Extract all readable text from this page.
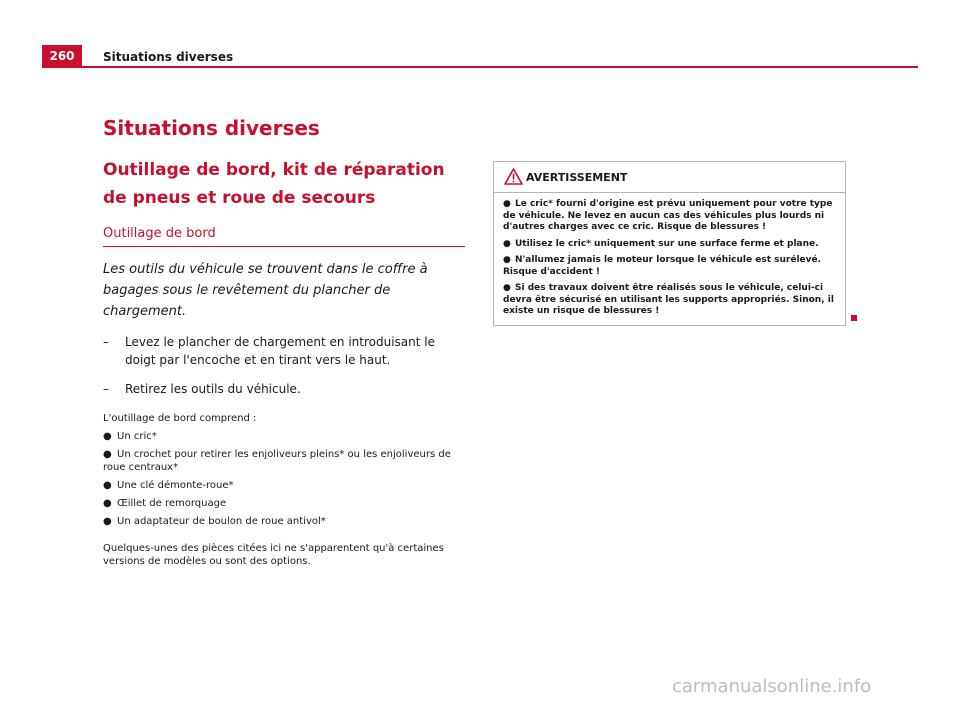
260	Situations diverses
Situations diverses
Outillage de bord, kit de réparation de pneus et roue de secours
Outillage de bord
Les outils du véhicule se trouvent dans le coffre à bagages sous le revêtement du plancher de chargement.
– Levez le plancher de chargement en introduisant le doigt par l'encoche et en tirant vers le haut.
– Retirez les outils du véhicule.
L'outillage de bord comprend :
● Un cric*
● Un crochet pour retirer les enjoliveurs pleins* ou les enjoliveurs de roue centraux*
● Une clé démonte-roue*
● Œillet de remorquage
● Un adaptateur de boulon de roue antivol*
Quelques-unes des pièces citées ici ne s'apparentent qu'à certaines versions de modèles ou sont des options.
AVERTISSEMENT
● Le cric* fourni d'origine est prévu uniquement pour votre type de véhicule. Ne levez en aucun cas des véhicules plus lourds ni d'autres charges avec ce cric. Risque de blessures !
● Utilisez le cric* uniquement sur une surface ferme et plane.
● N'allumez jamais le moteur lorsque le véhicule est surélevé. Risque d'accident !
● Si des travaux doivent être réalisés sous le véhicule, celui-ci devra être sécurisé en utilisant les supports appropriés. Sinon, il existe un risque de blessures !
carmanualsonline.info
